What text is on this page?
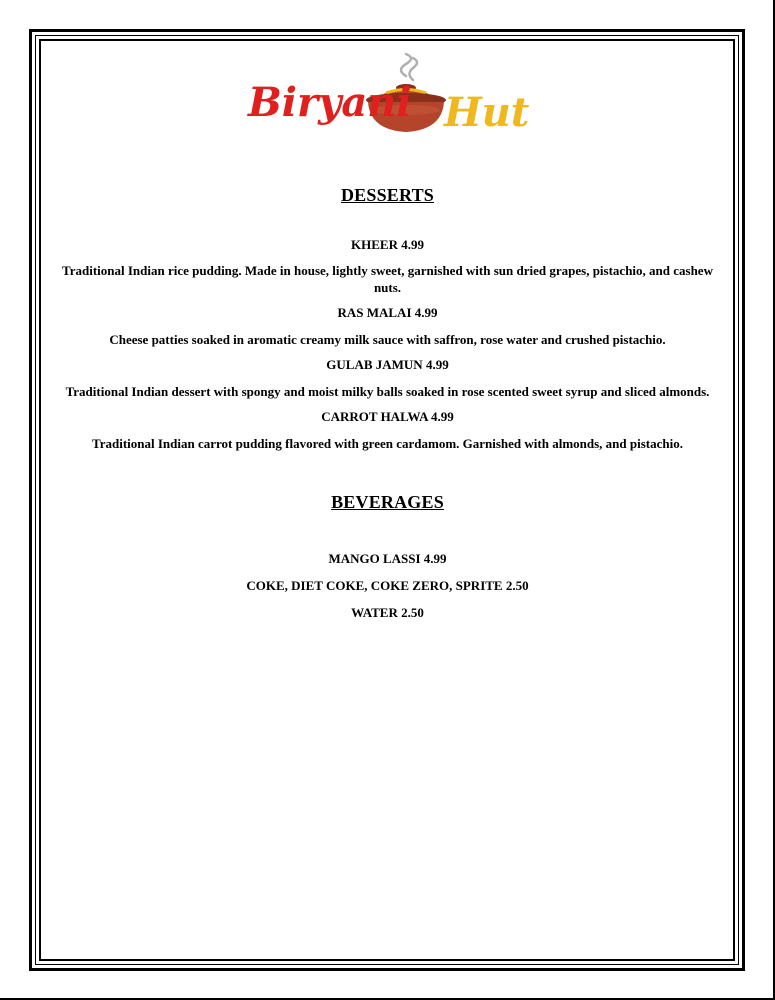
Biryani Hut
DESSERTS

KHEER 4.99

Traditional Indian rice pudding. Made in house, lightly sweet, garnished with sun dried grapes, pistachio, and cashew nuts.

RAS MALAI 4.99

Cheese patties soaked in aromatic creamy milk sauce with saffron, rose water and crushed pistachio.

GULAB JAMUN 4.99

Traditional Indian dessert with spongy and moist milky balls soaked in rose scented sweet syrup and sliced almonds.

CARROT HALWA 4.99

Traditional Indian carrot pudding flavored with green cardamom. Garnished with almonds, and pistachio.

BEVERAGES

MANGO LASSI 4.99

COKE, DIET COKE, COKE ZERO, SPRITE 2.50

WATER 2.50
